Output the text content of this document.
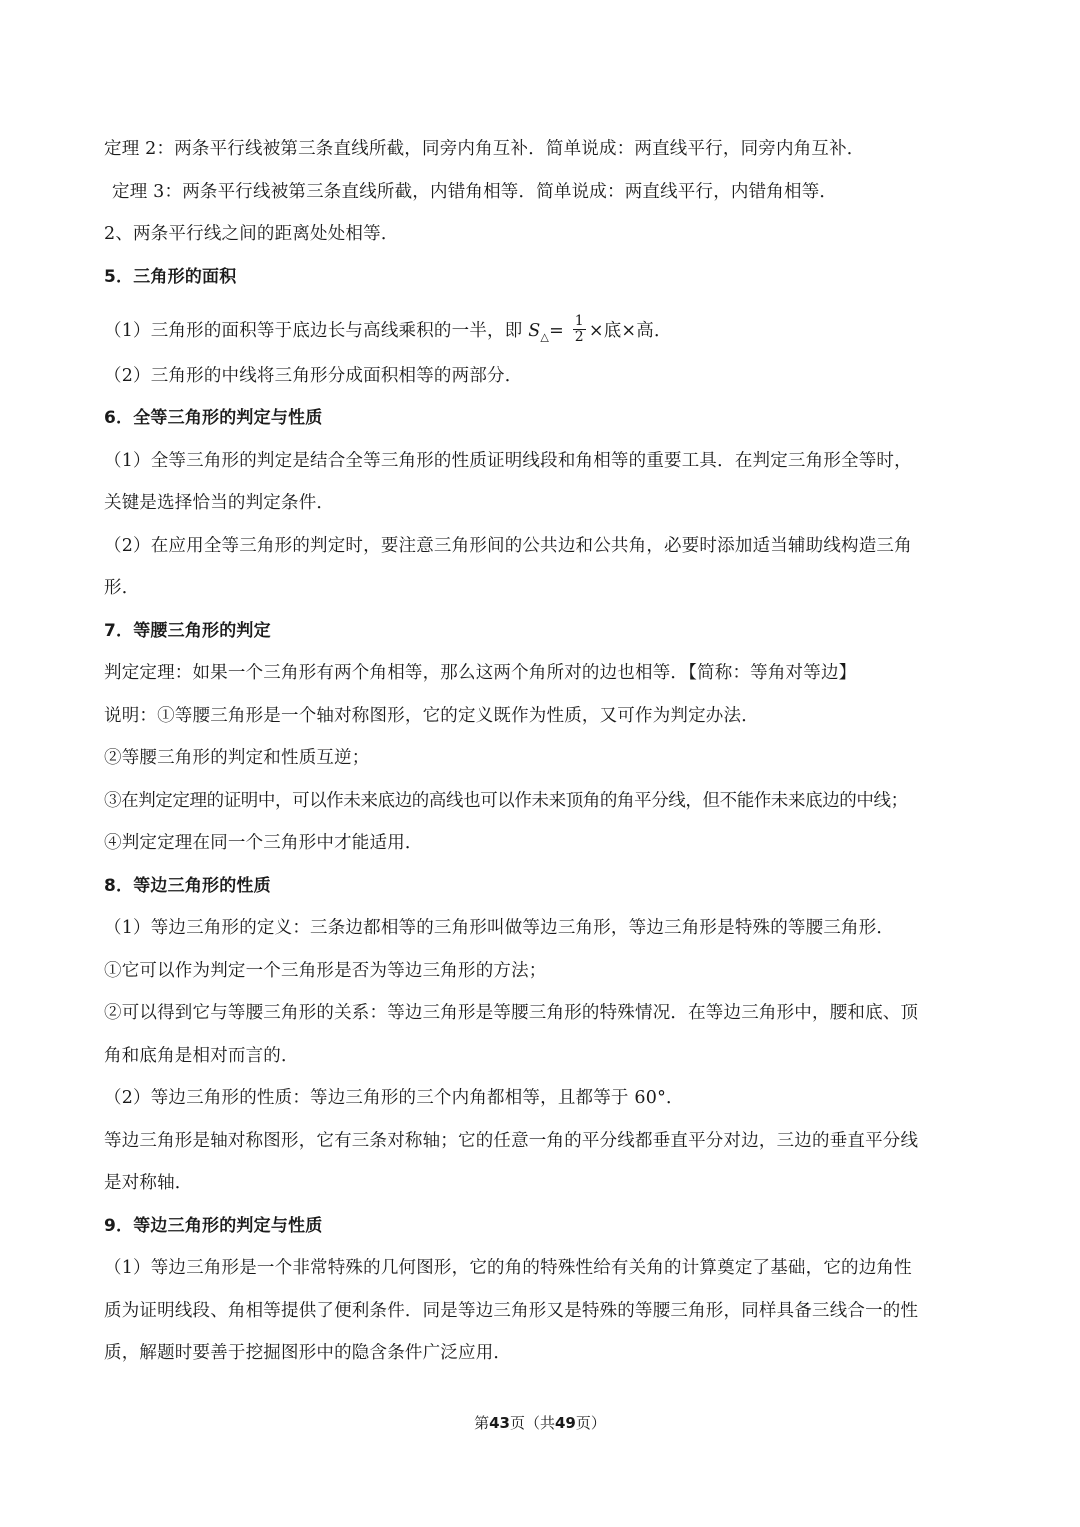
定理 2：两条平行线被第三条直线所截，同旁内角互补．简单说成：两直线平行，同旁内角互补．
定理 3：两条平行线被第三条直线所截，内错角相等．简单说成：两直线平行，内错角相等．
2、两条平行线之间的距离处处相等．
5．三角形的面积
（1）三角形的面积等于底边长与高线乘积的一半，即 $S_\triangle= \frac{1}{2}$ ×底×高．
（2）三角形的中线将三角形分成面积相等的两部分．
6．全等三角形的判定与性质
（1）全等三角形的判定是结合全等三角形的性质证明线段和角相等的重要工具．在判定三角形全等时，
关键是选择恰当的判定条件．
（2）在应用全等三角形的判定时，要注意三角形间的公共边和公共角，必要时添加适当辅助线构造三角
形．
7．等腰三角形的判定
判定定理：如果一个三角形有两个角相等，那么这两个角所对的边也相等．【简称：等角对等边】
说明：①等腰三角形是一个轴对称图形，它的定义既作为性质，又可作为判定办法．
②等腰三角形的判定和性质互逆；
③在判定定理的证明中，可以作未来底边的高线也可以作未来顶角的角平分线，但不能作未来底边的中线；
④判定定理在同一个三角形中才能适用．
8．等边三角形的性质
（1）等边三角形的定义：三条边都相等的三角形叫做等边三角形，等边三角形是特殊的等腰三角形．
①它可以作为判定一个三角形是否为等边三角形的方法；
②可以得到它与等腰三角形的关系：等边三角形是等腰三角形的特殊情况．在等边三角形中，腰和底、顶
角和底角是相对而言的．
（2）等边三角形的性质：等边三角形的三个内角都相等，且都等于 60°．
等边三角形是轴对称图形，它有三条对称轴；它的任意一角的平分线都垂直平分对边，三边的垂直平分线
是对称轴．
9．等边三角形的判定与性质
（1）等边三角形是一个非常特殊的几何图形，它的角的特殊性给有关角的计算奠定了基础，它的边角性
质为证明线段、角相等提供了便利条件．同是等边三角形又是特殊的等腰三角形，同样具备三线合一的性
质，解题时要善于挖掘图形中的隐含条件广泛应用．
第43页（共49页）
